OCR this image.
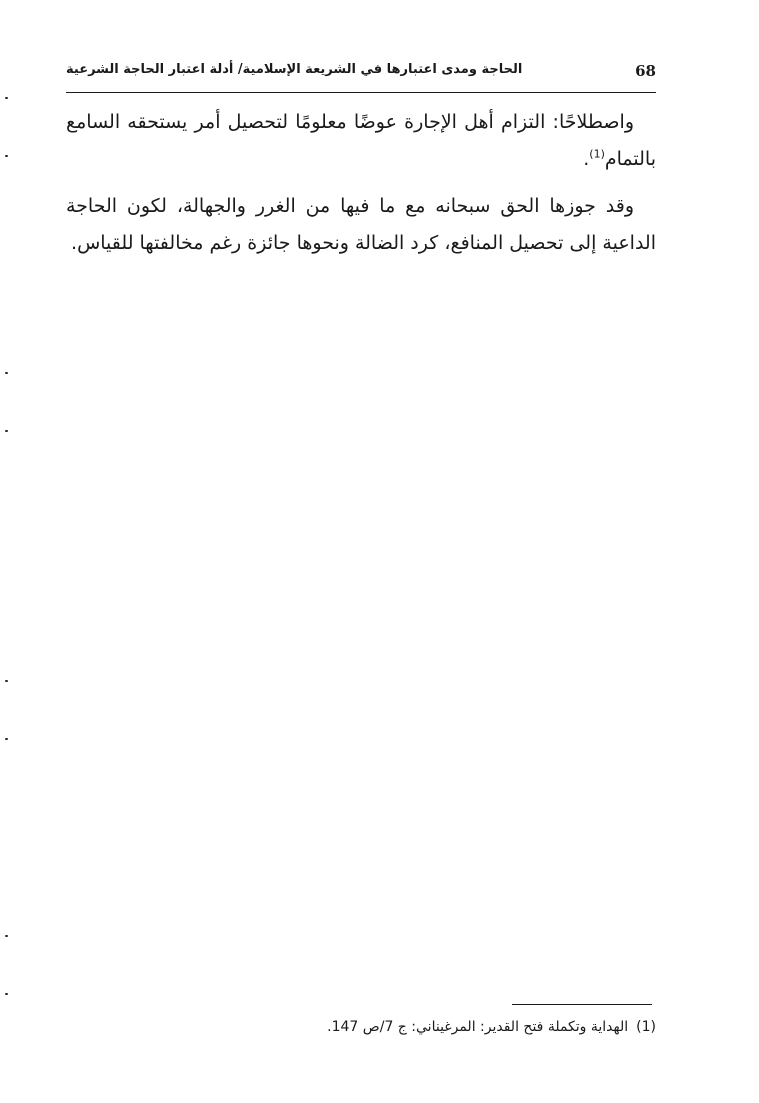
68
الحاجة ومدى اعتبارها في الشريعة الإسلامية/ أدلة اعتبار الحاجة الشرعية

واصطلاحًا: التزام أهل الإجارة عوضًا معلومًا لتحصيل أمر يستحقه السامع بالتمام$^{(1)}$.

وقد جوزها الحق سبحانه مع ما فيها من الغرر والجهالة، لكون الحاجة الداعية إلى تحصيل المنافع، كرد الضالة ونحوها جائزة رغم مخالفتها للقياس.

(1)الهداية وتكملة فتح القدير: المرغيناني: ج 7/ص 147.
